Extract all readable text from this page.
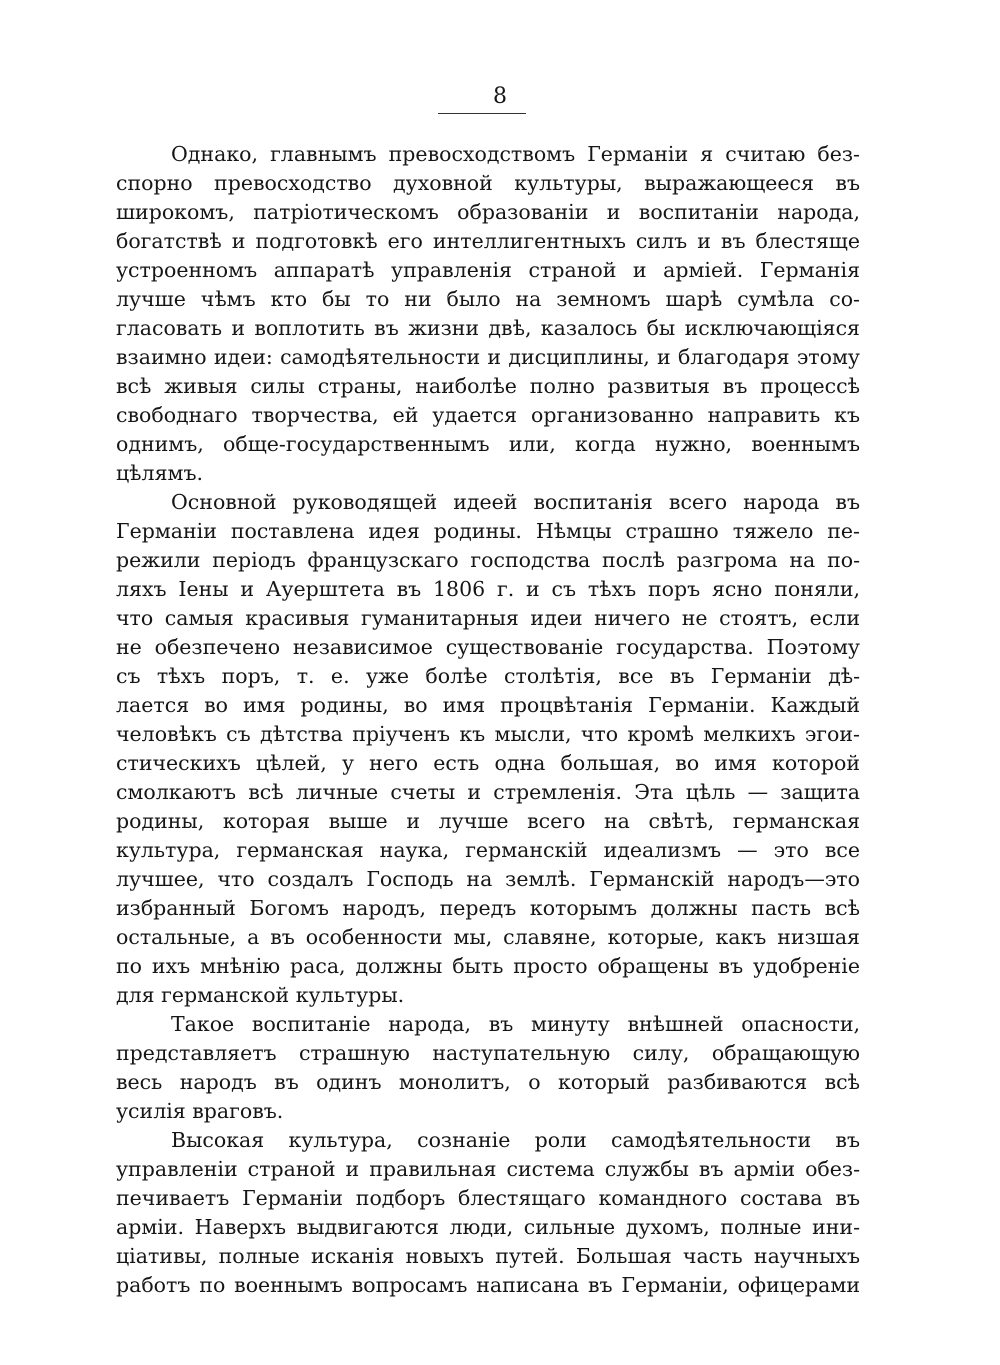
8
Однако, главнымъ превосходствомъ Германіи я считаю без-
спорно превосходство духовной культуры, выражающееся въ
широкомъ, патріотическомъ образованіи и воспитаніи народа,
богатствѣ и подготовкѣ его интеллигентныхъ силъ и въ блестяще
устроенномъ аппаратѣ управленія страной и арміей. Германія
лучше чѣмъ кто бы то ни было на земномъ шарѣ сумѣла со-
гласовать и воплотить въ жизни двѣ, казалось бы исключающіяся
взаимно идеи: самодѣятельности и дисциплины, и благодаря этому
всѣ живыя силы страны, наиболѣе полно развитыя въ процессѣ
свободнаго творчества, ей удается организованно направить къ
однимъ, обще-государственнымъ или, когда нужно, военнымъ
цѣлямъ.
Основной руководящей идеей воспитанія всего народа въ
Германіи поставлена идея родины. Нѣмцы страшно тяжело пе-
режили періодъ французскаго господства послѣ разгрома на по-
ляхъ Іены и Ауерштета въ 1806 г. и съ тѣхъ поръ ясно поняли,
что самыя красивыя гуманитарныя идеи ничего не стоятъ, если
не обезпечено независимое существованіе государства. Поэтому
съ тѣхъ поръ, т. е. уже болѣе столѣтія, все въ Германіи дѣ-
лается во имя родины, во имя процвѣтанія Германіи. Каждый
человѣкъ съ дѣтства пріученъ къ мысли, что кромѣ мелкихъ эгои-
стическихъ цѣлей, у него есть одна большая, во имя которой
смолкаютъ всѣ личные счеты и стремленія. Эта цѣль — защита
родины, которая выше и лучше всего на свѣтѣ, германская
культура, германская наука, германскій идеализмъ — это все
лучшее, что создалъ Господь на землѣ. Германскій народъ—это
избранный Богомъ народъ, передъ которымъ должны пасть всѣ
остальные, а въ особенности мы, славяне, которые, какъ низшая
по ихъ мнѣнію раса, должны быть просто обращены въ удобреніе
для германской культуры.
Такое воспитаніе народа, въ минуту внѣшней опасности,
представляетъ страшную наступательную силу, обращающую
весь народъ въ одинъ монолитъ, о который разбиваются всѣ
усилія враговъ.
Высокая культура, сознаніе роли самодѣятельности въ
управленіи страной и правильная система службы въ арміи обез-
печиваетъ Германіи подборъ блестящаго командного состава въ
арміи. Наверхъ выдвигаются люди, сильные духомъ, полные ини-
ціативы, полные исканія новыхъ путей. Большая часть научныхъ
работъ по военнымъ вопросамъ написана въ Германіи, офицерами
